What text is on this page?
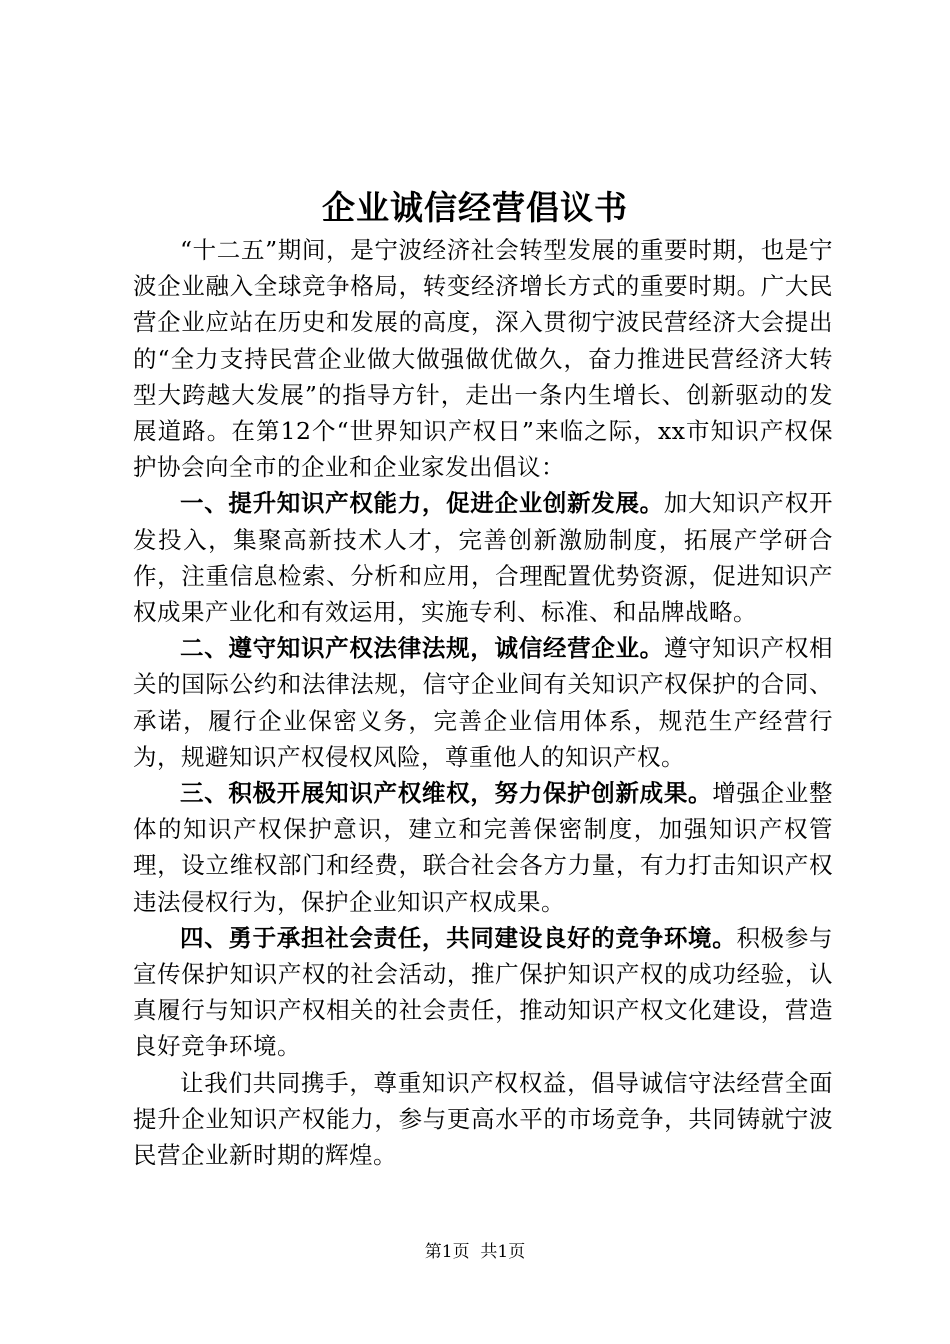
企业诚信经营倡议书

“十二五”期间，是宁波经济社会转型发展的重要时期，也是宁波企业融入全球竞争格局，转变经济增长方式的重要时期。广大民营企业应站在历史和发展的高度，深入贯彻宁波民营经济大会提出的“全力支持民营企业做大做强做优做久，奋力推进民营经济大转型大跨越大发展”的指导方针，走出一条内生增长、创新驱动的发展道路。在第12个“世界知识产权日”来临之际，xx市知识产权保护协会向全市的企业和企业家发出倡议：

一、提升知识产权能力，促进企业创新发展。加大知识产权开发投入，集聚高新技术人才，完善创新激励制度，拓展产学研合作，注重信息检索、分析和应用，合理配置优势资源，促进知识产权成果产业化和有效运用，实施专利、标准、和品牌战略。

二、遵守知识产权法律法规，诚信经营企业。遵守知识产权相关的国际公约和法律法规，信守企业间有关知识产权保护的合同、承诺，履行企业保密义务，完善企业信用体系，规范生产经营行为，规避知识产权侵权风险，尊重他人的知识产权。

三、积极开展知识产权维权，努力保护创新成果。增强企业整体的知识产权保护意识，建立和完善保密制度，加强知识产权管理，设立维权部门和经费，联合社会各方力量，有力打击知识产权违法侵权行为，保护企业知识产权成果。

四、勇于承担社会责任，共同建设良好的竞争环境。积极参与宣传保护知识产权的社会活动，推广保护知识产权的成功经验，认真履行与知识产权相关的社会责任，推动知识产权文化建设，营造良好竞争环境。

让我们共同携手，尊重知识产权权益，倡导诚信守法经营全面提升企业知识产权能力，参与更高水平的市场竞争，共同铸就宁波民营企业新时期的辉煌。

第1页  共1页
